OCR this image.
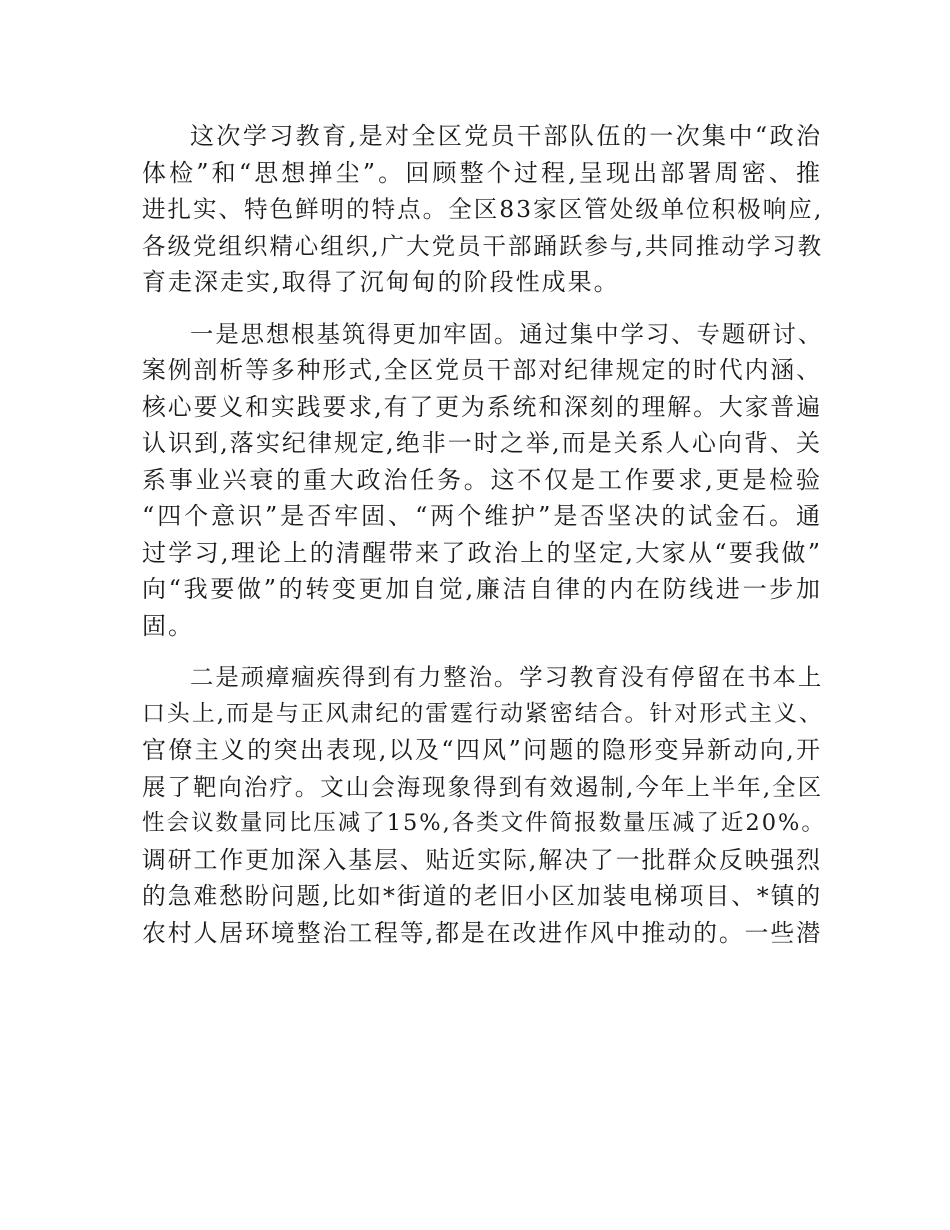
这次学习教育,是对全区党员干部队伍的一次集中“政治
体检”和“思想掸尘”。回顾整个过程,呈现出部署周密、推
进扎实、特色鲜明的特点。全区83家区管处级单位积极响应,
各级党组织精心组织,广大党员干部踊跃参与,共同推动学习教
育走深走实,取得了沉甸甸的阶段性成果。

一是思想根基筑得更加牢固。通过集中学习、专题研讨、
案例剖析等多种形式,全区党员干部对纪律规定的时代内涵、
核心要义和实践要求,有了更为系统和深刻的理解。大家普遍
认识到,落实纪律规定,绝非一时之举,而是关系人心向背、关
系事业兴衰的重大政治任务。这不仅是工作要求,更是检验
“四个意识”是否牢固、“两个维护”是否坚决的试金石。通
过学习,理论上的清醒带来了政治上的坚定,大家从“要我做”
向“我要做”的转变更加自觉,廉洁自律的内在防线进一步加
固。

二是顽瘴痼疾得到有力整治。学习教育没有停留在书本上
口头上,而是与正风肃纪的雷霆行动紧密结合。针对形式主义、
官僚主义的突出表现,以及“四风”问题的隐形变异新动向,开
展了靶向治疗。文山会海现象得到有效遏制,今年上半年,全区
性会议数量同比压减了15%,各类文件简报数量压减了近20%。
调研工作更加深入基层、贴近实际,解决了一批群众反映强烈
的急难愁盼问题,比如*街道的老旧小区加装电梯项目、*镇的
农村人居环境整治工程等,都是在改进作风中推动的。一些潜
